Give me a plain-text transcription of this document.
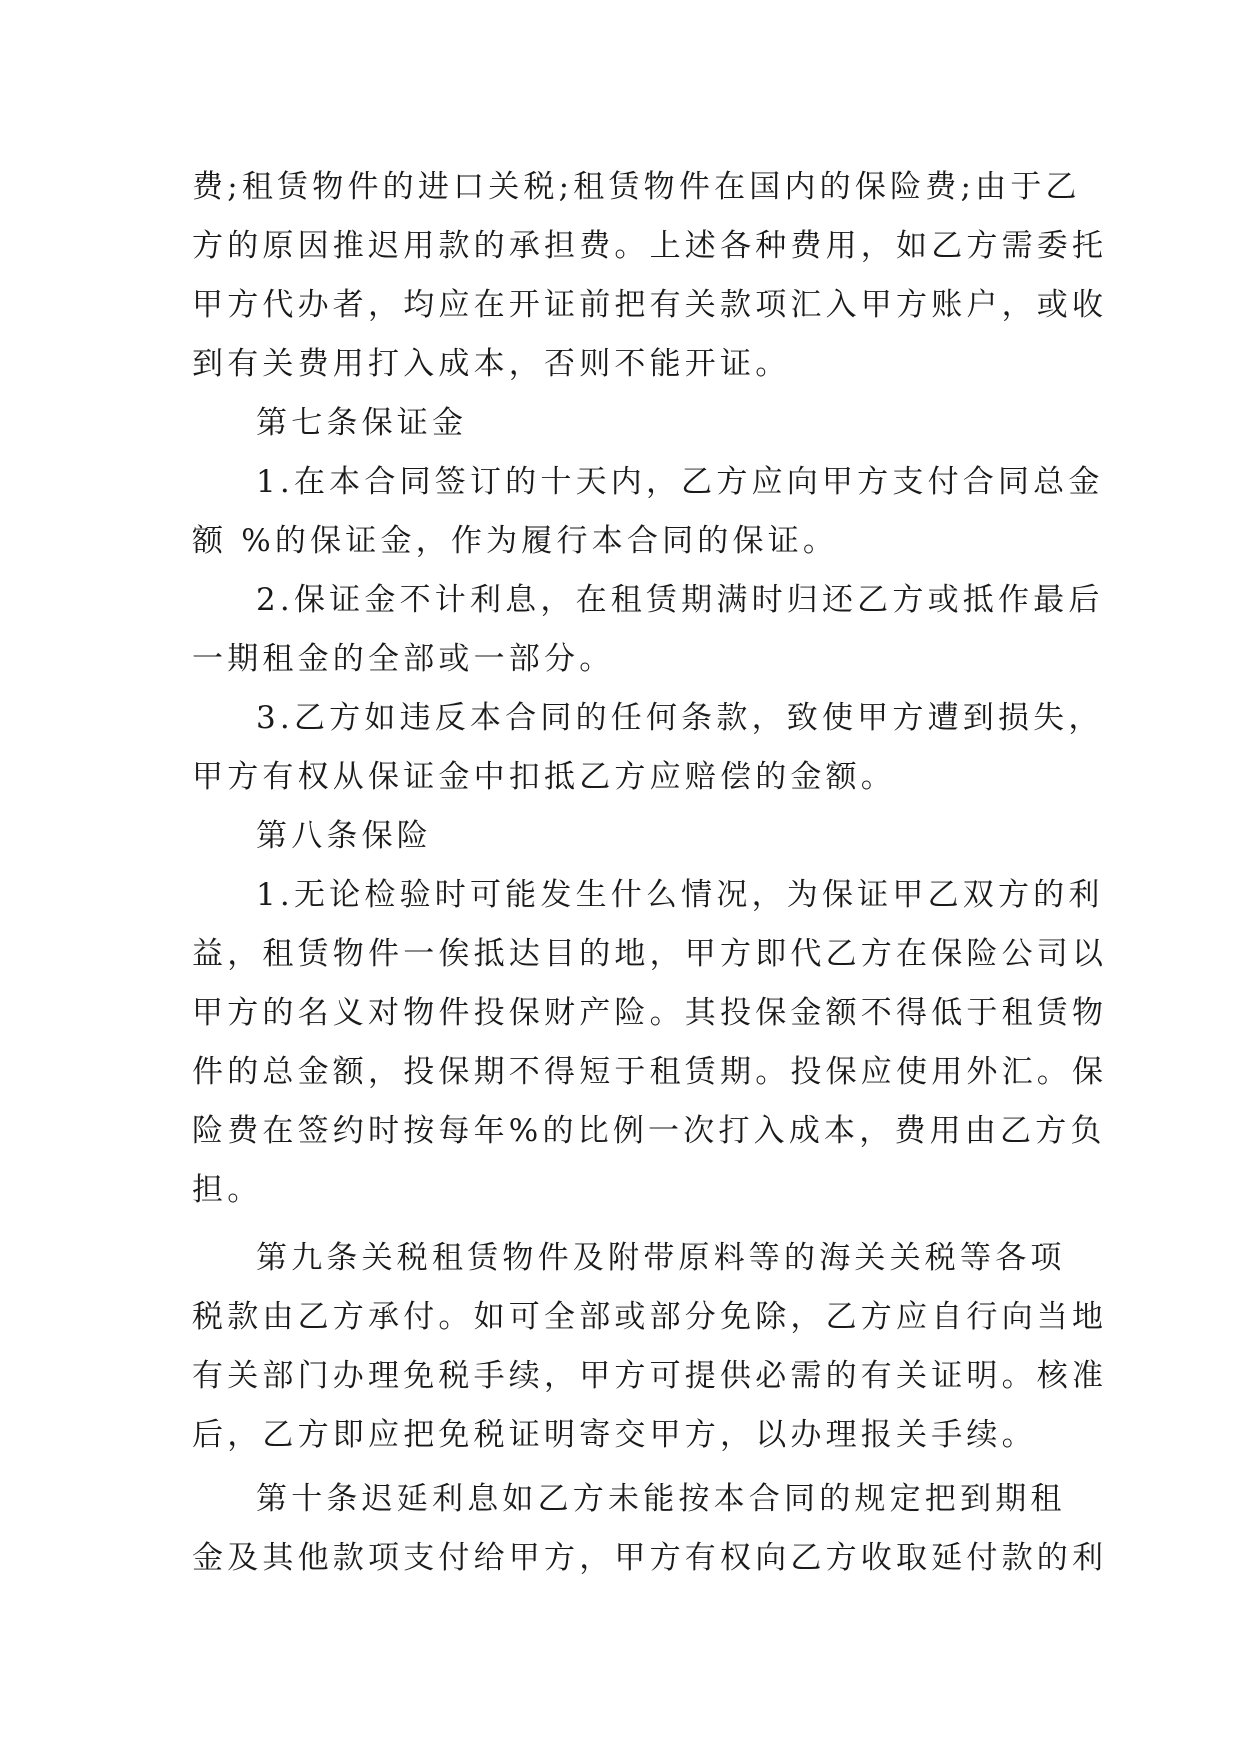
费;租赁物件的进口关税;租赁物件在国内的保险费;由于乙
方的原因推迟用款的承担费。上述各种费用，如乙方需委托
甲方代办者，均应在开证前把有关款项汇入甲方账户，或收
到有关费用打入成本，否则不能开证。
第七条保证金
1.在本合同签订的十天内，乙方应向甲方支付合同总金
额 %的保证金，作为履行本合同的保证。
2.保证金不计利息，在租赁期满时归还乙方或抵作最后
一期租金的全部或一部分。
3.乙方如违反本合同的任何条款，致使甲方遭到损失，
甲方有权从保证金中扣抵乙方应赔偿的金额。
第八条保险
1.无论检验时可能发生什么情况，为保证甲乙双方的利
益，租赁物件一俟抵达目的地，甲方即代乙方在保险公司以
甲方的名义对物件投保财产险。其投保金额不得低于租赁物
件的总金额，投保期不得短于租赁期。投保应使用外汇。保
险费在签约时按每年%的比例一次打入成本，费用由乙方负
担。
第九条关税租赁物件及附带原料等的海关关税等各项
税款由乙方承付。如可全部或部分免除，乙方应自行向当地
有关部门办理免税手续，甲方可提供必需的有关证明。核准
后，乙方即应把免税证明寄交甲方，以办理报关手续。
第十条迟延利息如乙方未能按本合同的规定把到期租
金及其他款项支付给甲方，甲方有权向乙方收取延付款的利
